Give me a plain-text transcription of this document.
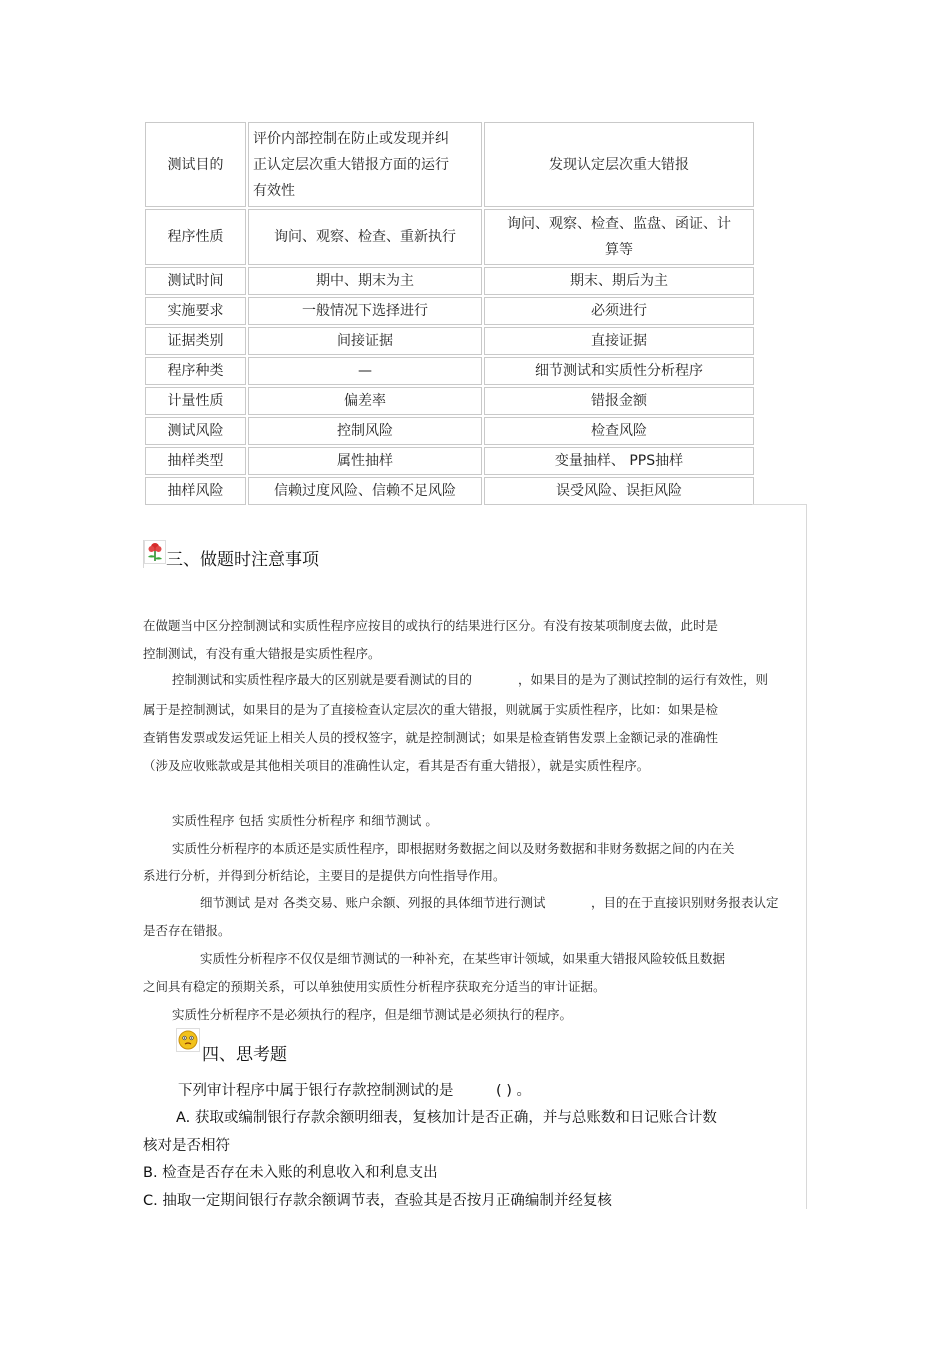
测试目的	评价内部控制在防止或发现并纠
正认定层次重大错报方面的运行
有效性	发现认定层次重大错报
程序性质	询问、观察、检查、重新执行	询问、观察、检查、监盘、函证、计
算等

测试时间	期中、期末为主	期末、期后为主
实施要求	一般情况下选择进行	必须进行
证据类别	间接证据	直接证据
程序种类	—	细节测试和实质性分析程序
计量性质	偏差率	错报金额
测试风险	控制风险	检查风险
抽样类型	属性抽样	变量抽样、 PPS抽样
抽样风险	信赖过度风险、信赖不足风险	误受风险、误拒风险
三、做题时注意事项
在做题当中区分控制测试和实质性程序应按目的或执行的结果进行区分。有没有按某项制度去做，此时是
控制测试，有没有重大错报是实质性程序。
控制测试和实质性程序最大的区别就是要看测试的目的	，如果目的是为了测试控制的运行有效性，则
属于是控制测试，如果目的是为了直接检查认定层次的重大错报，则就属于实质性程序，比如：如果是检
查销售发票或发运凭证上相关人员的授权签字，就是控制测试；如果是检查销售发票上金额记录的准确性
（涉及应收账款或是其他相关项目的准确性认定，看其是否有重大错报），就是实质性程序。
实质性程序 包括 实质性分析程序 和细节测试 。
实质性分析程序的本质还是实质性程序，即根据财务数据之间以及财务数据和非财务数据之间的内在关
系进行分析，并得到分析结论，主要目的是提供方向性指导作用。
细节测试 是对 各类交易、账户余额、列报的具体细节进行测试	，目的在于直接识别财务报表认定
是否存在错报。
实质性分析程序不仅仅是细节测试的一种补充，在某些审计领域，如果重大错报风险较低且数据
之间具有稳定的预期关系，可以单独使用实质性分析程序获取充分适当的审计证据。
实质性分析程序不是必须执行的程序，但是细节测试是必须执行的程序。
四、思考题
下列审计程序中属于银行存款控制测试的是	( ) 。
A. 获取或编制银行存款余额明细表，复核加计是否正确，并与总账数和日记账合计数
核对是否相符
B. 检查是否存在未入账的利息收入和利息支出
C. 抽取一定期间银行存款余额调节表，查验其是否按月正确编制并经复核
